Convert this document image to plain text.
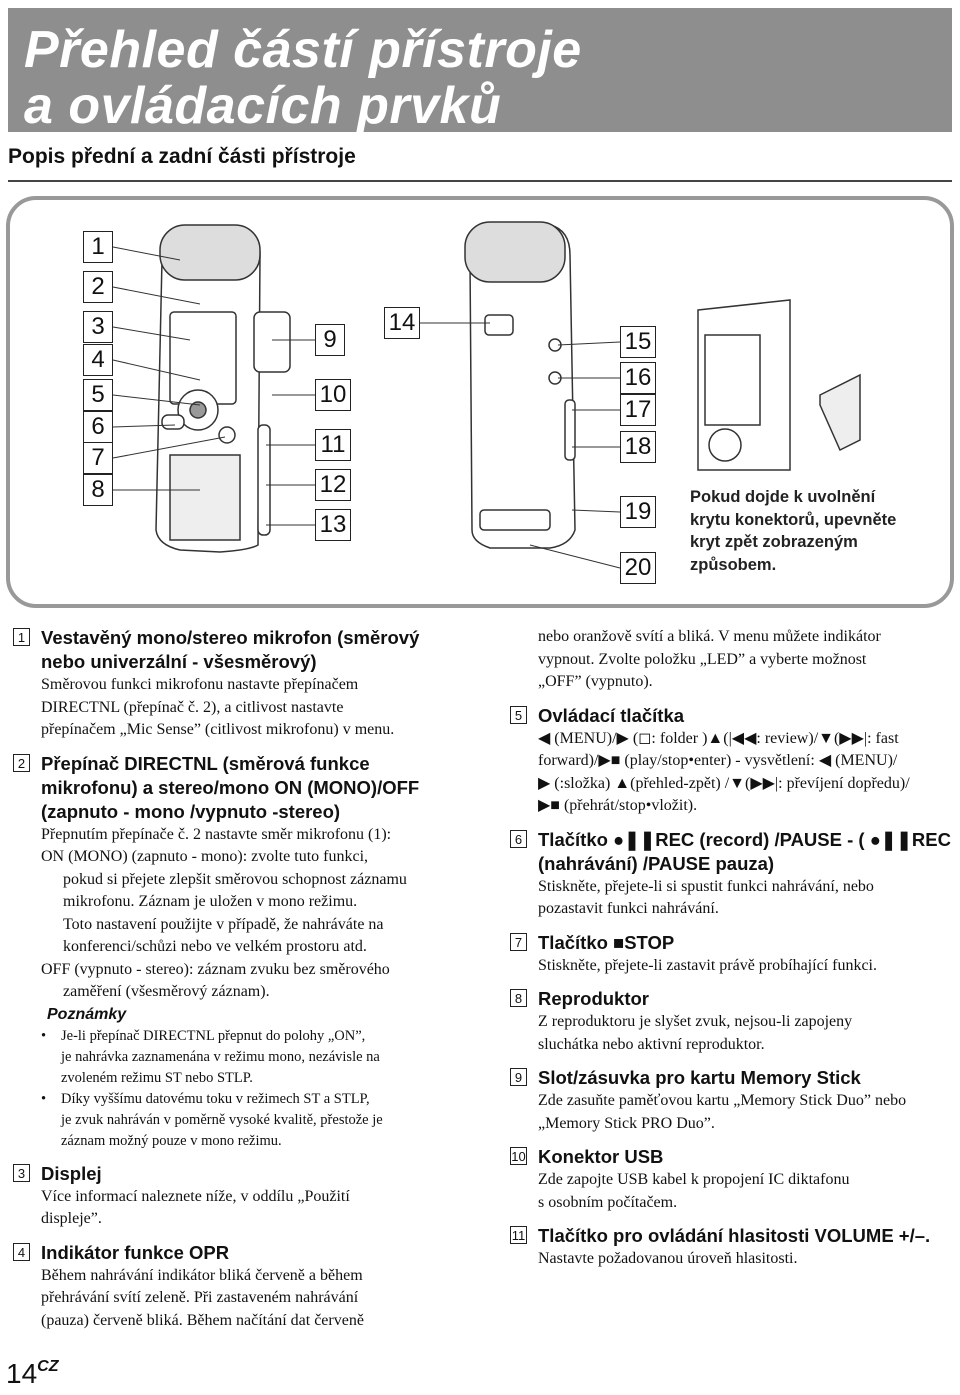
Přehled částí přístroje
a ovládacích prvků
Popis přední a zadní části přístroje
1
2
3
4
5
6
7
8
9
10
11
12
13
14
15
16
17
18
19
20
Pokud dojde k uvolnění
krytu konektorů, upevněte
kryt zpět zobrazeným
způsobem.
1 Vestavěný mono/stereo mikrofon (směrový
nebo univerzální - všesměrový)
Směrovou funkci mikrofonu nastavte přepínačem
DIRECTNL (přepínač č. 2), a citlivost nastavte
přepínačem „Mic Sense” (citlivost mikrofonu) v menu.
2 Přepínač DIRECTNL (směrová funkce
mikrofonu) a stereo/mono ON (MONO)/OFF
(zapnuto - mono /vypnuto -stereo)
Přepnutím přepínače č. 2 nastavte směr mikrofonu (1):
ON (MONO) (zapnuto - mono): zvolte tuto funkci,
pokud si přejete zlepšit směrovou schopnost záznamu
mikrofonu. Záznam je uložen v mono režimu.
Toto nastavení použijte v případě, že nahráváte na
konferenci/schůzi nebo ve velkém prostoru atd.
OFF (vypnuto - stereo): záznam zvuku bez směrového
zaměření (všesměrový záznam).
Poznámky
• Je-li přepínač DIRECTNL přepnut do polohy „ON”,
je nahrávka zaznamenána v režimu mono, nezávisle na
zvoleném režimu ST nebo STLP.
• Díky vyššímu datovému toku v režimech ST a STLP,
je zvuk nahráván v poměrně vysoké kvalitě, přestože je
záznam možný pouze v mono režimu.
3 Displej
Více informací naleznete níže, v oddílu „Použití
displeje”.
4 Indikátor funkce OPR
Během nahrávání indikátor bliká červeně a během
přehrávání svítí zeleně. Při zastaveném nahrávání
(pauza) červeně bliká. Během načítání dat červeně
nebo oranžově svítí a bliká. V menu můžete indikátor
vypnout. Zvolte položku „LED” a vyberte možnost
„OFF” (vypnuto).
5 Ovládací tlačítka
◀ (MENU)/▶ (◻: folder )▲(|◀◀: review)/▼(▶▶|: fast
forward)/▶■ (play/stop•enter) - vysvětlení: ◀ (MENU)/
▶ (:složka) ▲(přehled-zpět) /▼(▶▶|: převíjení dopředu)/
▶■ (přehrát/stop•vložit).
6 Tlačítko ●❚❚REC (record) /PAUSE - ( ●❚❚REC
(nahrávání) /PAUSE pauza)
Stiskněte, přejete-li si spustit funkci nahrávání, nebo
pozastavit funkci nahrávání.
7 Tlačítko ■STOP
Stiskněte, přejete-li zastavit právě probíhající funkci.
8 Reproduktor
Z reproduktoru je slyšet zvuk, nejsou-li zapojeny
sluchátka nebo aktivní reproduktor.
9 Slot/zásuvka pro kartu Memory Stick
Zde zasuňte paměťovou kartu „Memory Stick Duo” nebo
„Memory Stick PRO Duo”.
10 Konektor USB
Zde zapojte USB kabel k propojení IC diktafonu
s osobním počítačem.
11 Tlačítko pro ovládání hlasitosti VOLUME +/–.
Nastavte požadovanou úroveň hlasitosti.
$14^{CZ}$
